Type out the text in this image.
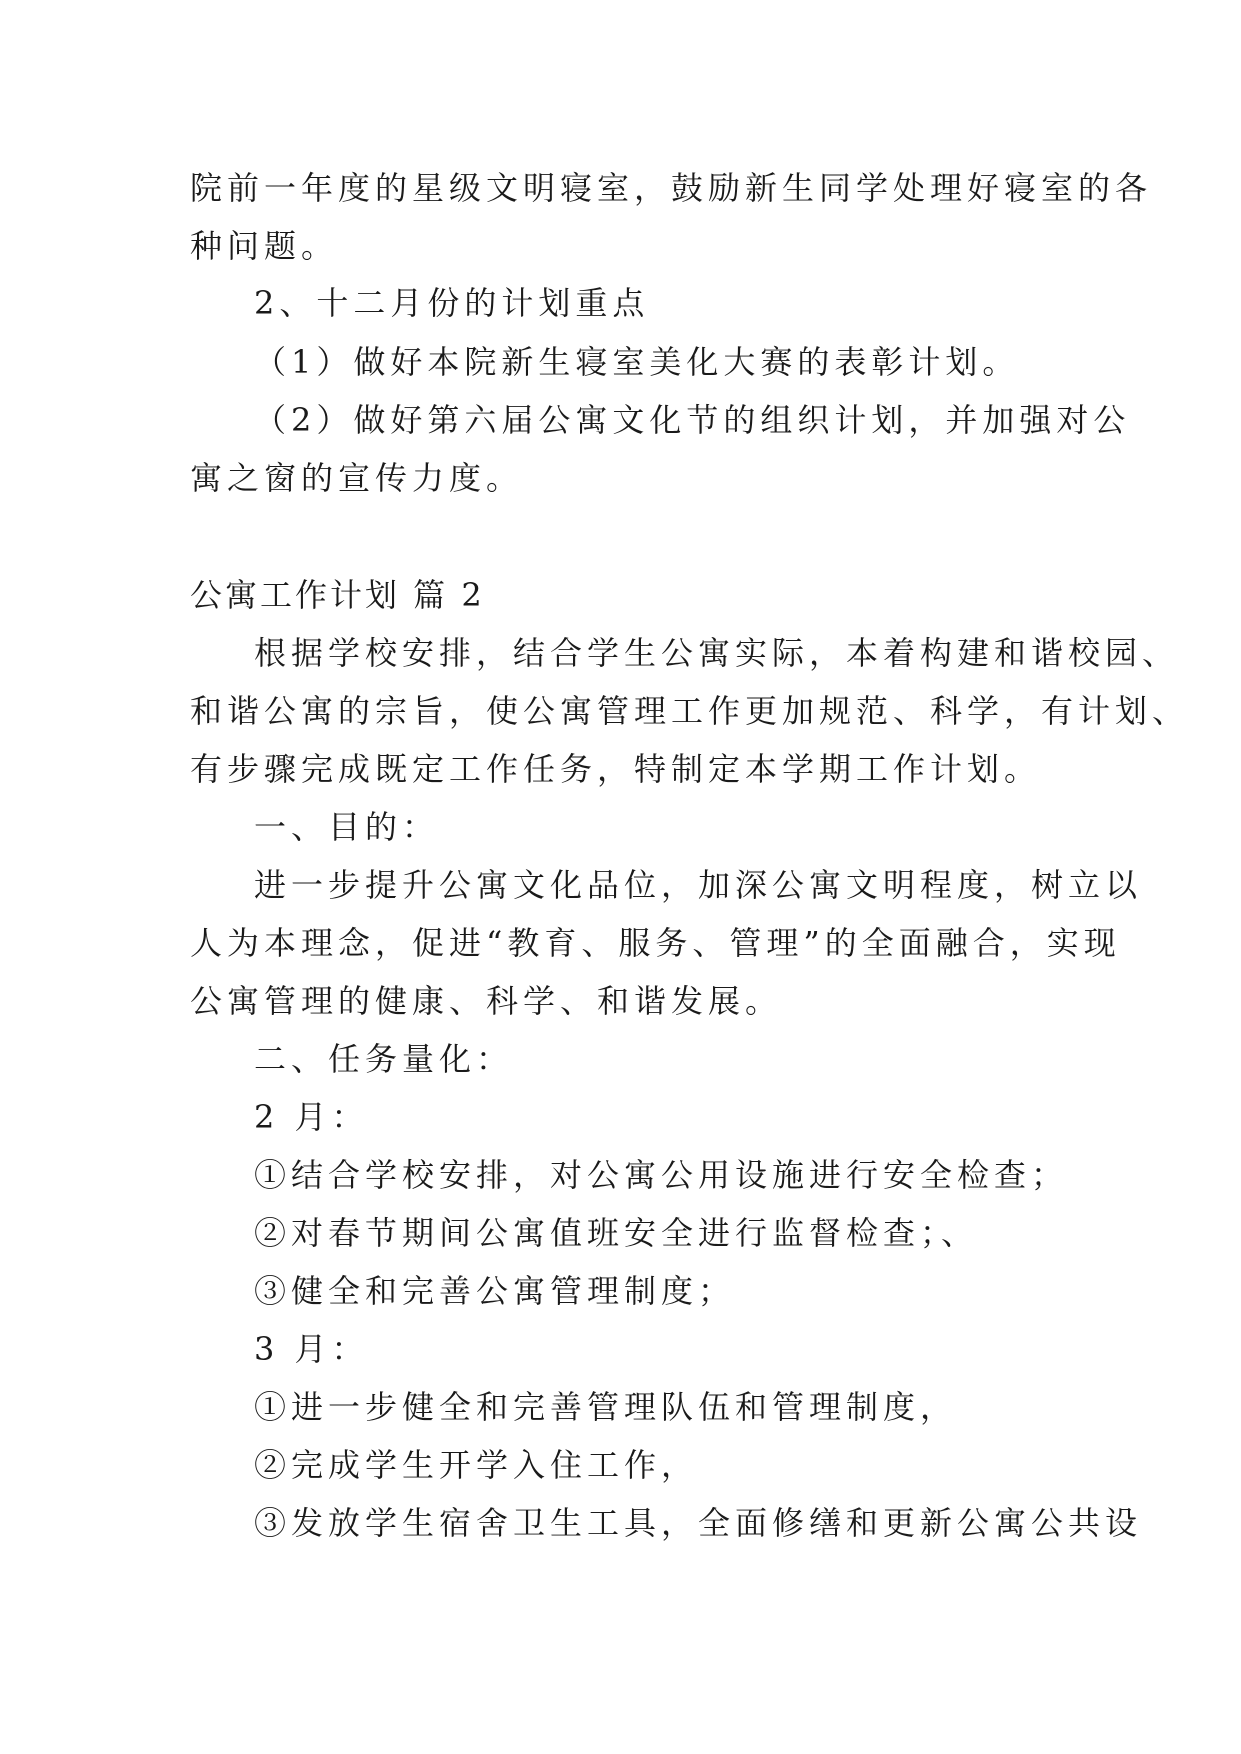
院前一年度的星级文明寝室，鼓励新生同学处理好寝室的各
种问题。
2、十二月份的计划重点
（1）做好本院新生寝室美化大赛的表彰计划。
（2）做好第六届公寓文化节的组织计划，并加强对公
寓之窗的宣传力度。
公寓工作计划 篇 2
根据学校安排，结合学生公寓实际，本着构建和谐校园、
和谐公寓的宗旨，使公寓管理工作更加规范、科学，有计划、
有步骤完成既定工作任务，特制定本学期工作计划。
一、目的：
进一步提升公寓文化品位，加深公寓文明程度，树立以
人为本理念，促进“教育、服务、管理”的全面融合，实现
公寓管理的健康、科学、和谐发展。
二、任务量化：
2 月：
①结合学校安排，对公寓公用设施进行安全检查；
②对春节期间公寓值班安全进行监督检查；、
③健全和完善公寓管理制度；
3 月：
①进一步健全和完善管理队伍和管理制度，
②完成学生开学入住工作，
③发放学生宿舍卫生工具，全面修缮和更新公寓公共设
